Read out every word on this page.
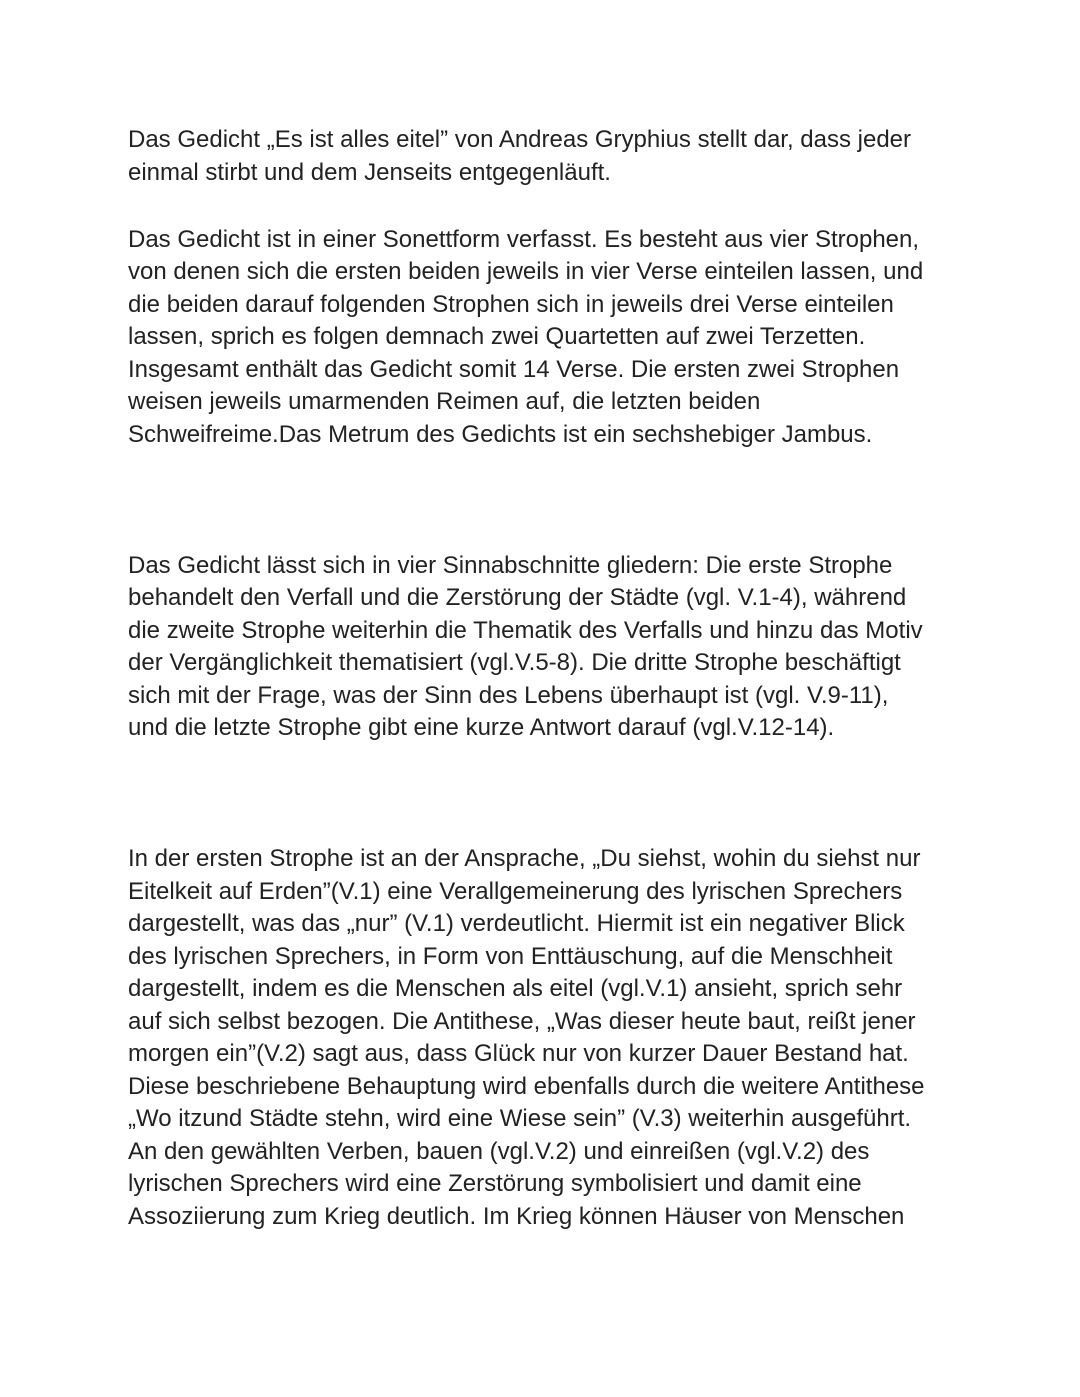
Das Gedicht „Es ist alles eitel” von Andreas Gryphius stellt dar, dass jeder

einmal stirbt und dem Jenseits entgegenläuft.

Das Gedicht ist in einer Sonettform verfasst. Es besteht aus vier Strophen,

von denen sich die ersten beiden jeweils in vier Verse einteilen lassen, und

die beiden darauf folgenden Strophen sich in jeweils drei Verse einteilen

lassen, sprich es folgen demnach zwei Quartetten auf zwei Terzetten.

Insgesamt enthält das Gedicht somit 14 Verse. Die ersten zwei Strophen

weisen jeweils umarmenden Reimen auf, die letzten beiden

Schweifreime.Das Metrum des Gedichts ist ein sechshebiger Jambus.

Das Gedicht lässt sich in vier Sinnabschnitte gliedern: Die erste Strophe

behandelt den Verfall und die Zerstörung der Städte (vgl. V.1-4), während

die zweite Strophe weiterhin die Thematik des Verfalls und hinzu das Motiv

der Vergänglichkeit thematisiert (vgl.V.5-8). Die dritte Strophe beschäftigt

sich mit der Frage, was der Sinn des Lebens überhaupt ist (vgl. V.9-11),

und die letzte Strophe gibt eine kurze Antwort darauf (vgl.V.12-14).

In der ersten Strophe ist an der Ansprache, „Du siehst, wohin du siehst nur

Eitelkeit auf Erden”(V.1) eine Verallgemeinerung des lyrischen Sprechers

dargestellt, was das „nur” (V.1) verdeutlicht. Hiermit ist ein negativer Blick

des lyrischen Sprechers, in Form von Enttäuschung, auf die Menschheit

dargestellt, indem es die Menschen als eitel (vgl.V.1) ansieht, sprich sehr

auf sich selbst bezogen. Die Antithese, „Was dieser heute baut, reißt jener

morgen ein”(V.2) sagt aus, dass Glück nur von kurzer Dauer Bestand hat.

Diese beschriebene Behauptung wird ebenfalls durch die weitere Antithese

„Wo itzund Städte stehn, wird eine Wiese sein” (V.3) weiterhin ausgeführt.

An den gewählten Verben, bauen (vgl.V.2) und einreißen (vgl.V.2) des

lyrischen Sprechers wird eine Zerstörung symbolisiert und damit eine

Assoziierung zum Krieg deutlich. Im Krieg können Häuser von Menschen
